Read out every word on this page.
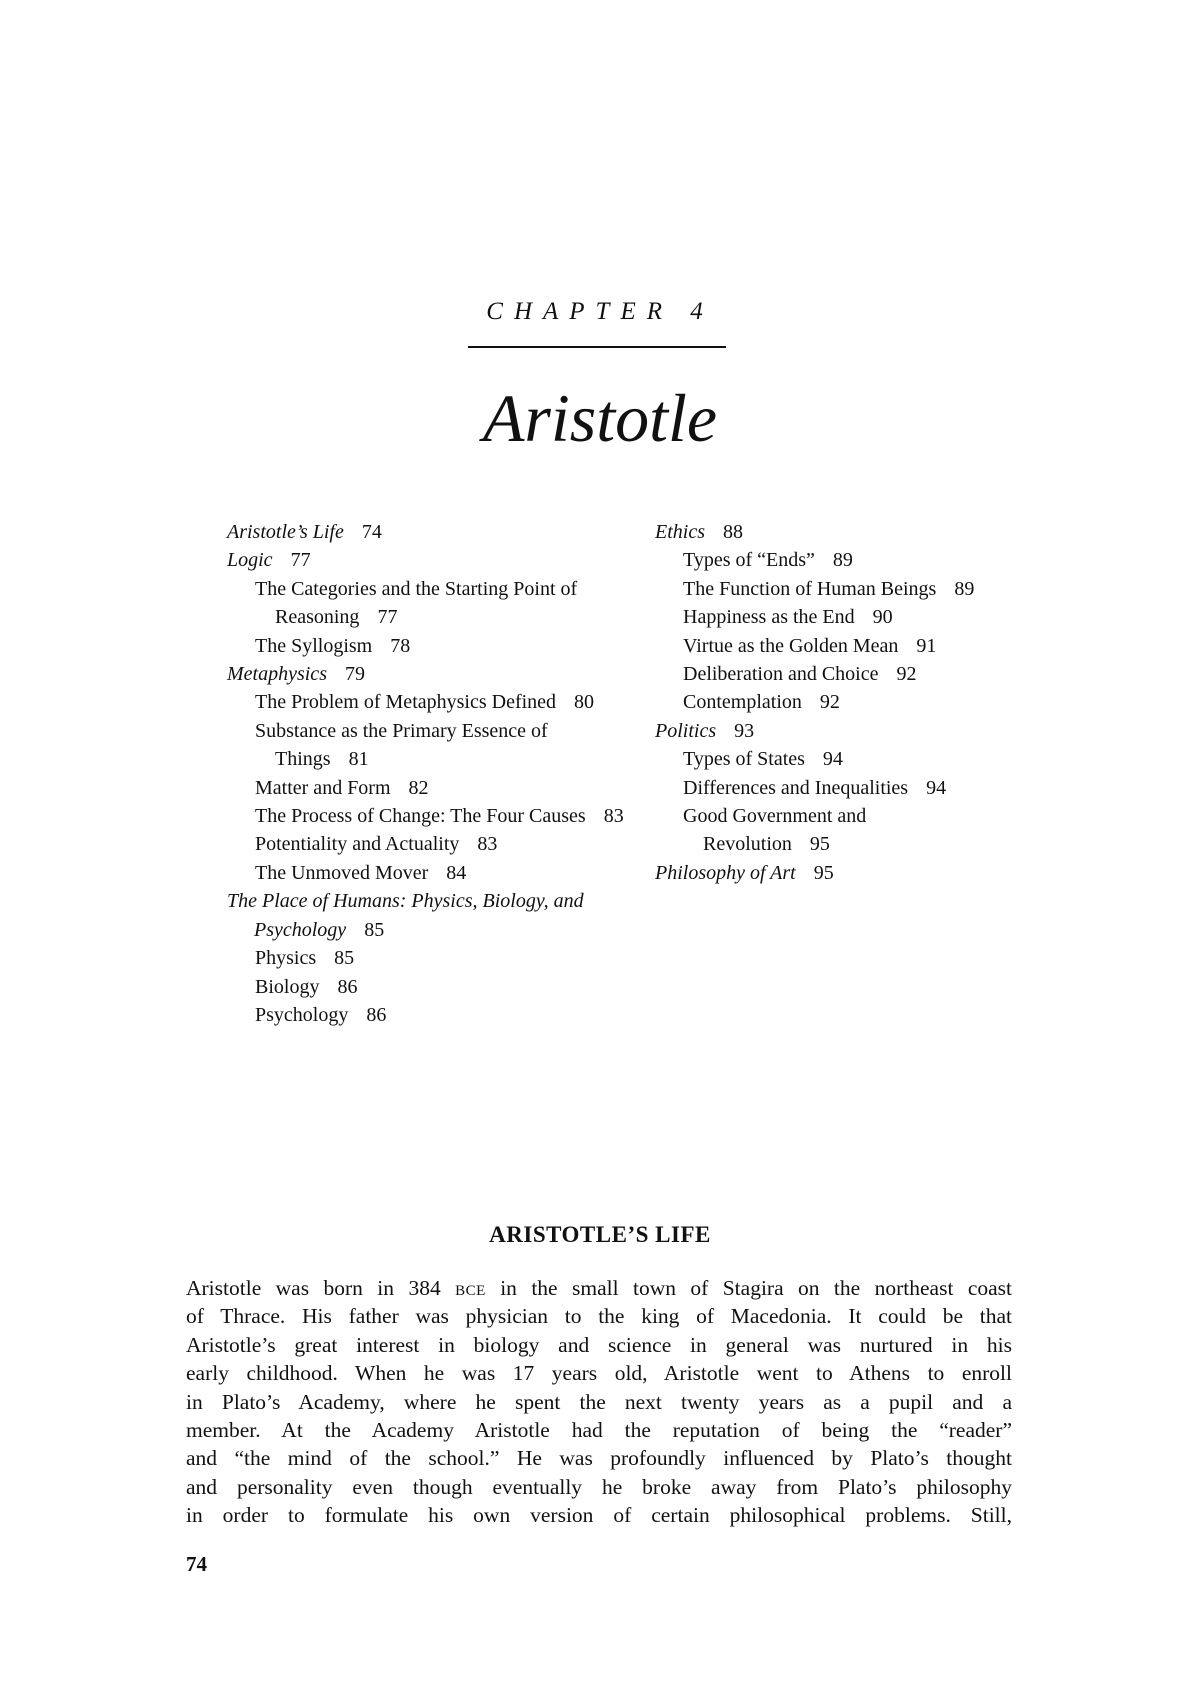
CHAPTER 4
Aristotle
Aristotle’s Life 74
Logic 77
The Categories and the Starting Point of Reasoning 77
The Syllogism 78
Metaphysics 79
The Problem of Metaphysics Defined 80
Substance as the Primary Essence of Things 81
Matter and Form 82
The Process of Change: The Four Causes 83
Potentiality and Actuality 83
The Unmoved Mover 84
The Place of Humans: Physics, Biology, and Psychology 85
Physics 85
Biology 86
Psychology 86
Ethics 88
Types of “Ends” 89
The Function of Human Beings 89
Happiness as the End 90
Virtue as the Golden Mean 91
Deliberation and Choice 92
Contemplation 92
Politics 93
Types of States 94
Differences and Inequalities 94
Good Government and Revolution 95
Philosophy of Art 95
ARISTOTLE’S LIFE
Aristotle was born in 384 BCE in the small town of Stagira on the northeast coast
of Thrace. His father was physician to the king of Macedonia. It could be that
Aristotle’s great interest in biology and science in general was nurtured in his
early childhood. When he was 17 years old, Aristotle went to Athens to enroll
in Plato’s Academy, where he spent the next twenty years as a pupil and a
member. At the Academy Aristotle had the reputation of being the “reader”
and “the mind of the school.” He was profoundly influenced by Plato’s thought
and personality even though eventually he broke away from Plato’s philosophy
in order to formulate his own version of certain philosophical problems. Still,
74
